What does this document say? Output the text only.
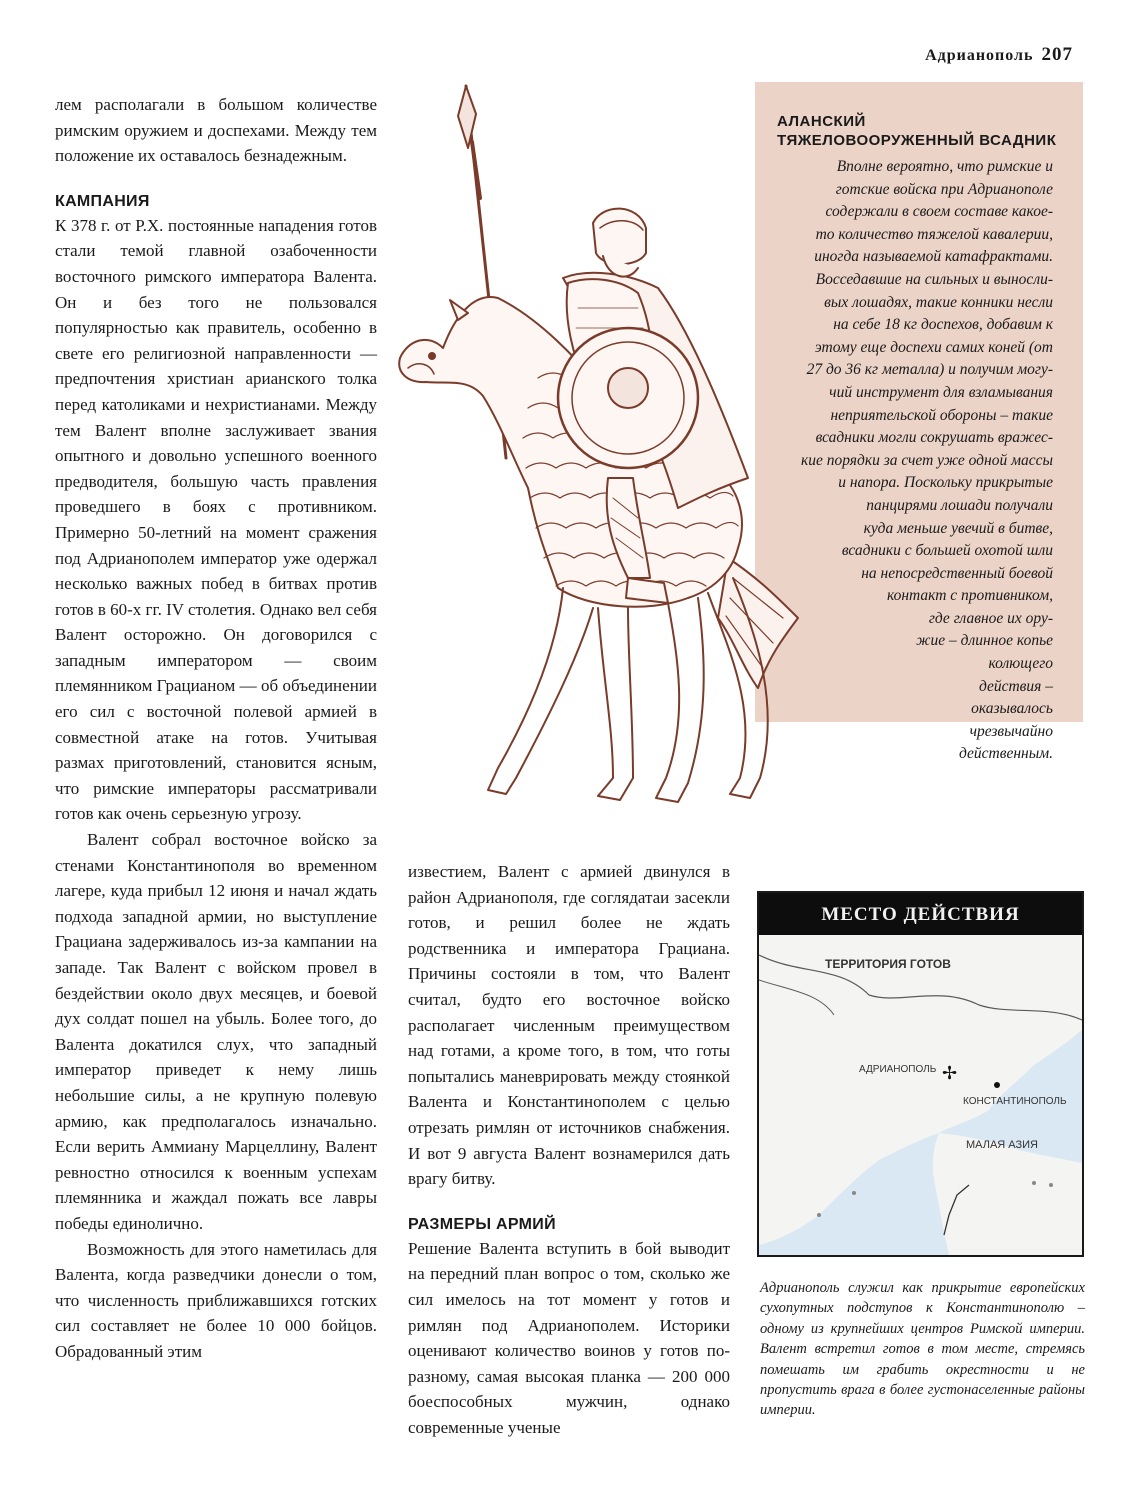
Адрианополь 207

лем располагали в большом количестве римским оружием и доспехами. Между тем положение их оставалось безнадежным.

КАМПАНИЯ

К 378 г. от Р.Х. постоянные нападения готов стали темой главной озабоченности восточного римского императора Валента. Он и без того не пользовался популярностью как правитель, особенно в свете его религиозной направленности — предпочтения христиан арианского толка перед католиками и нехристианами. Между тем Валент вполне заслуживает звания опытного и довольно успешного военного предводителя, большую часть правления проведшего в боях с противником. Примерно 50-летний на момент сражения под Адрианополем император уже одержал несколько важных побед в битвах против готов в 60-х гг. IV столетия. Однако вел себя Валент осторожно. Он договорился с западным императором — своим племянником Грацианом — об объединении его сил с восточной полевой армией в совместной атаке на готов. Учитывая размах приготовлений, становится ясным, что римские императоры рассматривали готов как очень серьезную угрозу.

Валент собрал восточное войско за стенами Константинополя во временном лагере, куда прибыл 12 июня и начал ждать подхода западной армии, но выступление Грациана задерживалось из-за кампании на западе. Так Валент с войском провел в бездействии около двух месяцев, и боевой дух солдат пошел на убыль. Более того, до Валента докатился слух, что западный император приведет к нему лишь небольшие силы, а не крупную полевую армию, как предполагалось изначально. Если верить Аммиану Марцеллину, Валент ревностно относился к военным успехам племянника и жаждал пожать все лавры победы единолично.

Возможность для этого наметилась для Валента, когда разведчики донесли о том, что численность приближавшихся готских сил составляет не более 10 000 бойцов. Обрадованный этим

известием, Валент с армией двинулся в район Адрианополя, где соглядатаи засекли готов, и решил более не ждать родственника и императора Грациана. Причины состояли в том, что Валент считал, будто его восточное войско располагает численным преимуществом над готами, а кроме того, в том, что готы попытались маневрировать между стоянкой Валента и Константинополем с целью отрезать римлян от источников снабжения. И вот 9 августа Валент вознамерился дать врагу битву.

РАЗМЕРЫ АРМИЙ

Решение Валента вступить в бой выводит на передний план вопрос о том, сколько же сил имелось на тот момент у готов и римлян под Адрианополем. Историки оценивают количество воинов у готов по-разному, самая высокая планка — 200 000 боеспособных мужчин, однако современные ученые

АЛАНСКИЙ ТЯЖЕЛОВООРУЖЕННЫЙ ВСАДНИК
Вполне вероятно, что римские и
готские войска при Адрианополе
содержали в своем составе какое-
то количество тяжелой кавалерии,
иногда называемой катафрактами.
Восседавшие на сильных и выносли-
вых лошадях, такие конники несли
на себе 18 кг доспехов, добавим к
этому еще доспехи самих коней (от
27 до 36 кг металла) и получим могу-
чий инструмент для взламывания
неприятельской обороны – такие
всадники могли сокрушать вражес-
кие порядки за счет уже одной массы
и напора. Поскольку прикрытые
панцирями лошади получали
куда меньше увечий в битве,
всадники с большей охотой шли
на непосредственный боевой
контакт с противником,
где главное их ору-
жие – длинное копье
колющего
действия –
оказывалось
чрезвычайно
действенным.
МЕСТО ДЕЙСТВИЯ
✢
ТЕРРИТОРИЯ ГОТОВ
АДРИАНОПОЛЬ
КОНСТАНТИНОПОЛЬ
МАЛАЯ АЗИЯ
Адрианополь служил как прикрытие европейских сухопутных подступов к Константинополю – одному из крупнейших центров Римской империи. Валент встретил готов в том месте, стремясь помешать им грабить окрестности и не пропустить врага в более густонаселенные районы империи.
